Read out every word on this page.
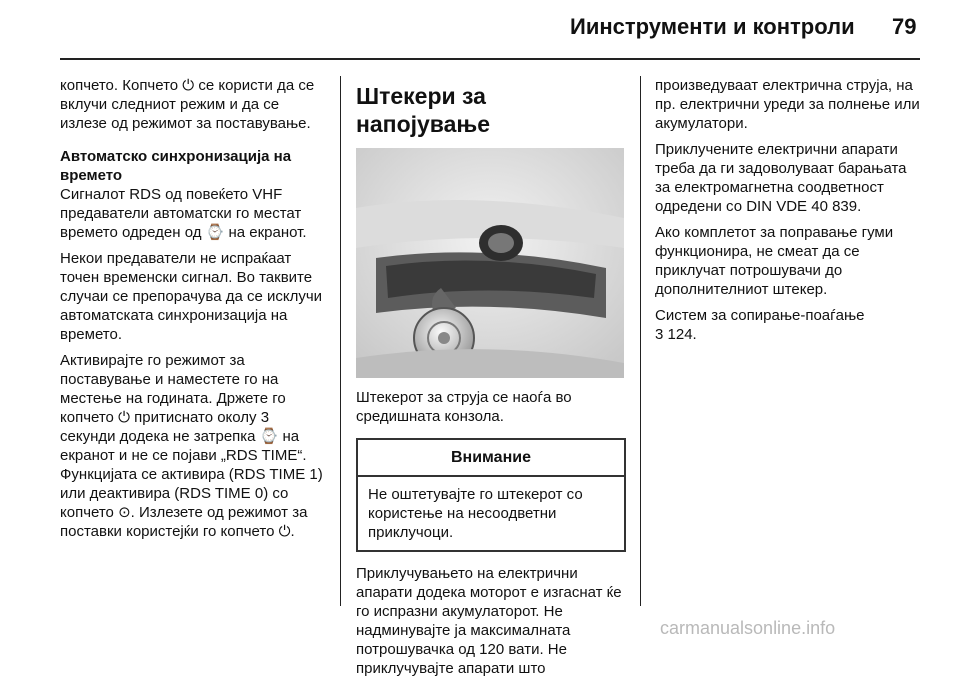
Иинструменти и контроли 79

копчето. Копчето ⏻ се користи да се вклучи следниот режим и да се излезе од режимот за поставување.

Автоматско синхронизација на времето

Сигналот RDS од повеќето VHF предаватели автоматски го местат времето одреден од ⌚ на екранот.

Некои предаватели не испраќаат точен временски сигнал. Во таквите случаи се препорачува да се исклучи автоматската синхронизација на времето.

Активирајте го режимот за поставување и наместете го на местење на годината. Држете го копчето ⏻ притиснато околу 3 секунди додека не затрепка ⌚ на екранот и не се појави „RDS TIME“. Функцијата се активира (RDS TIME 1) или деактивира (RDS TIME 0) со копчето ⊙. Излезете од режимот за поставки користејќи го копчето ⏻.

Штекери за напојување

Штекерот за струја се наоѓа во средишната конзола.

Внимание
Не оштетувајте го штекерот со користење на несоодветни приклучоци.

Приклучувањето на електрични апарати додека моторот е изгаснат ќе го испразни акумулаторот. Не надминувајте ја максималната потрошувачка од 120 вати. Не приклучувајте апарати што

произведуваат електрична струја, на пр. електрични уреди за полнење или акумулатори.

Приклучените електрични апарати треба да ги задоволуваат барањата за електромагнетна соодветност одредени со DIN VDE 40 839.

Ако комплетот за поправање гуми функционира, не смеат да се приклучат потрошувачи до дополнителниот штекер.

Систем за сопирање-поаѓање

3 124.

carmanualsonline.info
